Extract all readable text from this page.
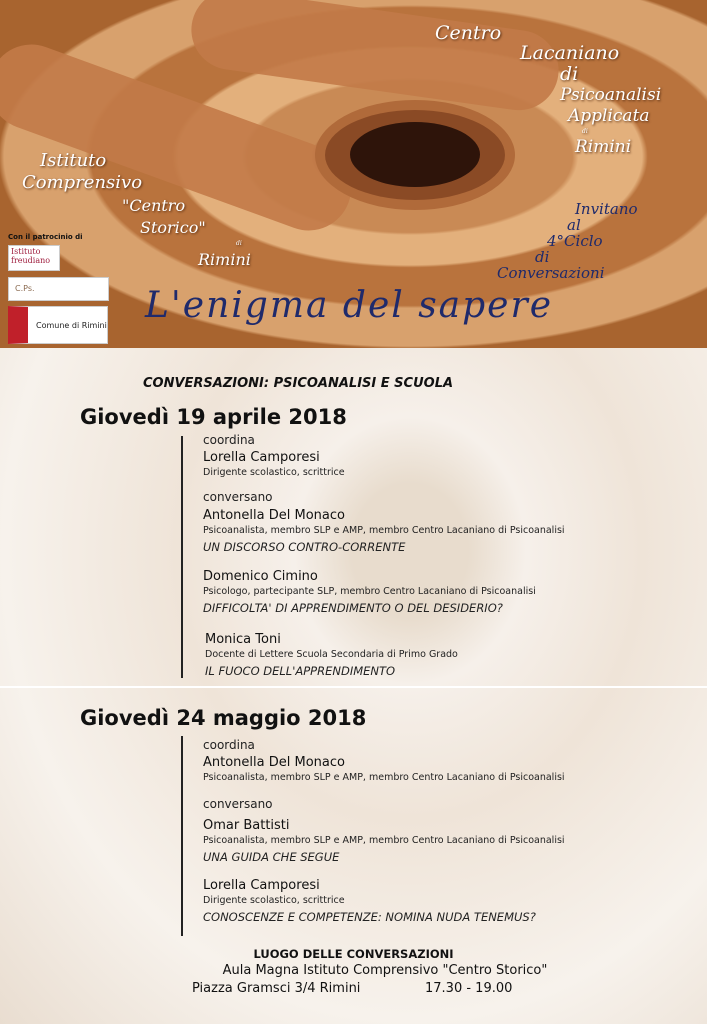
Centro
Lacaniano
di
Psicoanalisi
Applicata
di
Rimini
Istituto
Comprensivo
"Centro
Storico"
di
Rimini
Invitano
al
4°Ciclo
di
Conversazioni
L'enigma del sapere
Con il patrocinio di
Istituto freudiano
C.Ps.
Comune di Rimini
CONVERSAZIONI: PSICOANALISI E SCUOLA
Giovedì 19 aprile 2018
coordina
Lorella Camporesi
Dirigente scolastico, scrittrice
conversano
Antonella Del Monaco
Psicoanalista, membro SLP e AMP, membro Centro Lacaniano di Psicoanalisi
UN DISCORSO CONTRO-CORRENTE
Domenico Cimino
Psicologo, partecipante SLP, membro Centro Lacaniano di Psicoanalisi
DIFFICOLTA' DI APPRENDIMENTO O DEL DESIDERIO?
Monica Toni
Docente di Lettere Scuola Secondaria di Primo Grado
IL FUOCO DELL'APPRENDIMENTO
Giovedì 24 maggio 2018
coordina
Antonella Del Monaco
Psicoanalista, membro SLP e AMP, membro Centro Lacaniano di Psicoanalisi
conversano
Omar Battisti
Psicoanalista, membro SLP e AMP, membro Centro Lacaniano di Psicoanalisi
UNA GUIDA CHE SEGUE
Lorella Camporesi
Dirigente scolastico, scrittrice
CONOSCENZE E COMPETENZE: NOMINA NUDA TENEMUS?
LUOGO DELLE CONVERSAZIONI
Aula Magna Istituto Comprensivo "Centro Storico"
Piazza Gramsci 3/4 Rimini	17.30 - 19.00
